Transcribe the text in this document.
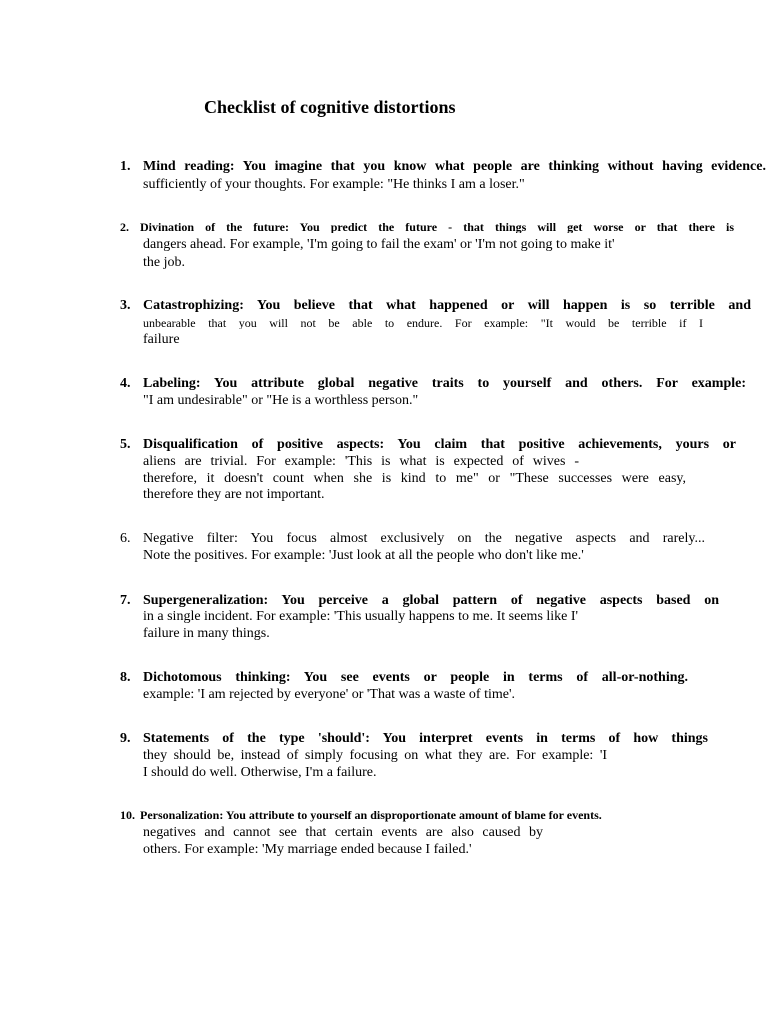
Checklist of cognitive distortions
1. Mind reading: You imagine that you know what people are thinking without having evidence.
sufficiently of your thoughts. For example: "He thinks I am a loser."
2. Divination of the future: You predict the future - that things will get worse or that there is
dangers ahead. For example, 'I'm going to fail the exam' or 'I'm not going to make it'
the job.
3. Catastrophizing: You believe that what happened or will happen is so terrible and
unbearable that you will not be able to endure. For example: "It would be terrible if I
failure
4. Labeling: You attribute global negative traits to yourself and others. For example:
"I am undesirable" or "He is a worthless person."
5. Disqualification of positive aspects: You claim that positive achievements, yours or
aliens are trivial. For example: 'This is what is expected of wives -
therefore, it doesn't count when she is kind to me" or "These successes were easy,
therefore they are not important.
6. Negative filter: You focus almost exclusively on the negative aspects and rarely...
Note the positives. For example: 'Just look at all the people who don't like me.'
7. Supergeneralization: You perceive a global pattern of negative aspects based on
in a single incident. For example: 'This usually happens to me. It seems like I'
failure in many things.
8. Dichotomous thinking: You see events or people in terms of all-or-nothing.
example: 'I am rejected by everyone' or 'That was a waste of time'.
9. Statements of the type 'should': You interpret events in terms of how things
they should be, instead of simply focusing on what they are. For example: 'I
I should do well. Otherwise, I'm a failure.
10. Personalization: You attribute to yourself an disproportionate amount of blame for events.
negatives and cannot see that certain events are also caused by
others. For example: 'My marriage ended because I failed.'
